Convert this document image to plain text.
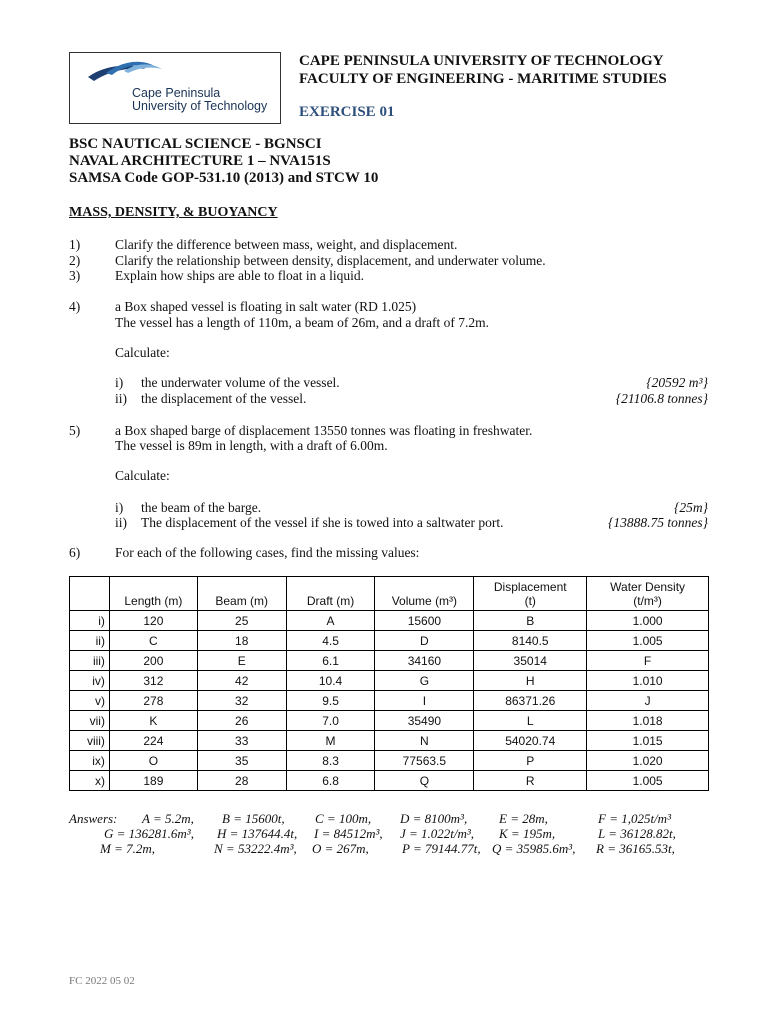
Cape Peninsula
University of Technology
CAPE PENINSULA UNIVERSITY OF TECHNOLOGY
FACULTY OF ENGINEERING - MARITIME STUDIES
EXERCISE 01
BSC NAUTICAL SCIENCE - BGNSCI
NAVAL ARCHITECTURE 1 – NVA151S
SAMSA Code GOP-531.10 (2013) and STCW 10
MASS, DENSITY, & BUOYANCY
1)	Clarify the difference between mass, weight, and displacement.
2)	Clarify the relationship between density, displacement, and underwater volume.
3)	Explain how ships are able to float in a liquid.
4)	a Box shaped vessel is floating in salt water (RD 1.025)
The vessel has a length of 110m, a beam of 26m, and a draft of 7.2m.
Calculate:
i) the underwater volume of the vessel.	{20592 m³}
ii) the displacement of the vessel.	{21106.8 tonnes}
5)	a Box shaped barge of displacement 13550 tonnes was floating in freshwater.
The vessel is 89m in length, with a draft of 6.00m.
Calculate:
i) the beam of the barge.	{25m}
ii) The displacement of the vessel if she is towed into a saltwater port.	{13888.75 tonnes}
6)	For each of the following cases, find the missing values:
	Length (m)	Beam (m)	Draft (m)	Volume (m³)	Displacement
(t)	Water Density
(t/m³)
i)	120	25	A	15600	B	1.000
ii)	C	18	4.5	D	8140.5	1.005
iii)	200	E	6.1	34160	35014	F
iv)	312	42	10.4	G	H	1.010
v)	278	32	9.5	I	86371.26	J
vii)	K	26	7.0	35490	L	1.018
viii)	224	33	M	N	54020.74	1.015
ix)	O	35	8.3	77563.5	P	1.020
x)	189	28	6.8	Q	R	1.005
Answers: A = 5.2m, B = 15600t, C = 100m, D = 8100m³, E = 28m,	F = 1,025t/m³
G = 136281.6m³, H = 137644.4t, I = 84512m³, J = 1.022t/m³, K = 195m,	L = 36128.82t,
M = 7.2m,	N = 53222.4m³, O = 267m,	P = 79144.77t, Q = 35985.6m³, R = 36165.53t,
FC 2022 05 02
